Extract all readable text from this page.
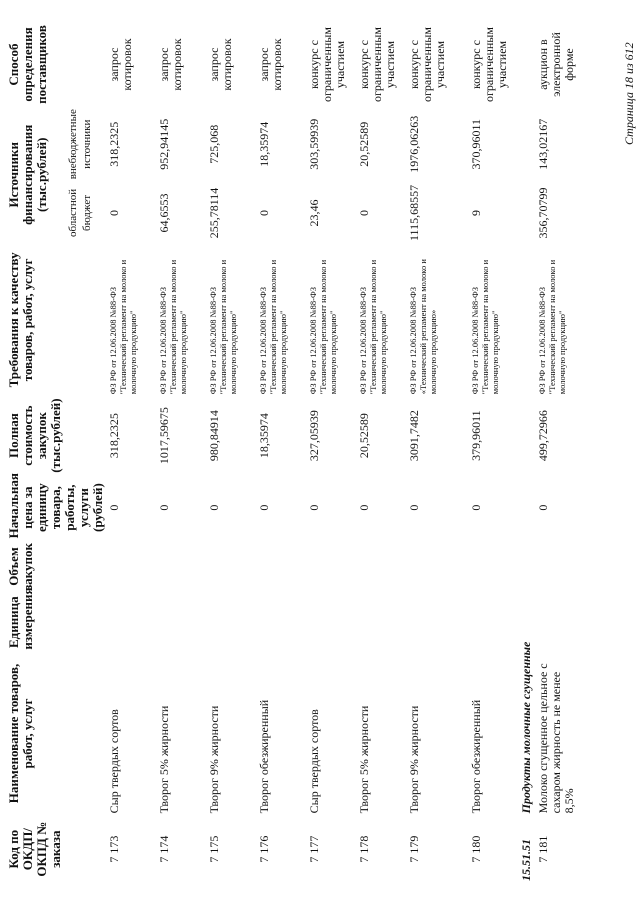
Код по ОКДП/ ОКПД № заказа	Наименование товаров, работ, услуг	Единица измерения	Объем закупок	Начальная цена за единицу товара, работы, услуги (рублей)	Полная стоимость закупок (тыс.рублей)	Требования к качеству товаров, работ, услуг	Источники финансирования (тыс.рублей)		Способ определения поставщиков
							областной бюджет	внебюджетные источники	
7 173	Сыр твердых сортов			0	318,2325	ФЗ РФ от 12.06.2008 №88-ФЗ "Технический регламент на молоко и молочную продукцию"	0	318,2325	запрос котировок
7 174	Творог 5% жирности			0	1017,59675	ФЗ РФ от 12.06.2008 №88-ФЗ "Технический регламент на молоко и молочную продукцию"	64,6553	952,94145	запрос котировок
7 175	Творог 9% жирности			0	980,84914	ФЗ РФ от 12.06.2008 №88-ФЗ "Технический регламент на молоко и молочную продукцию"	255,78114	725,068	запрос котировок
7 176	Творог обезжиренный			0	18,35974	ФЗ РФ от 12.06.2008 №88-ФЗ "Технический регламент на молоко и молочную продукцию"	0	18,35974	запрос котировок
7 177	Сыр твердых сортов			0	327,05939	ФЗ РФ от 12.06.2008 №88-ФЗ "Технический регламент на молоко и молочную продукцию"	23,46	303,59939	конкурс с ограниченным участием
7 178	Творог 5% жирности			0	20,52589	ФЗ РФ от 12.06.2008 №88-ФЗ "Технический регламент на молоко и молочную продукцию"	0	20,52589	конкурс с ограниченным участием
7 179	Творог 9% жирности			0	3091,7482	ФЗ РФ от 12.06.2008 №88-ФЗ «Технический регламент на молоко и молочную продукцию»	1115,68557	1976,06263	конкурс с ограниченным участием
7 180	Творог обезжиренный			0	379,96011	ФЗ РФ от 12.06.2008 №88-ФЗ "Технический регламент на молоко и молочную продукцию"	9	370,96011	конкурс с ограниченным участием
15.51.51	Продукты молочные сгущенные								
7 181	Молоко сгущенное цельное с сахаром жирность не менее 8,5%			0	499,72966	ФЗ РФ от 12.06.2008 №88-ФЗ "Технический регламент на молоко и молочную продукцию"	356,70799	143,02167	аукцион в электронной форме	Страница 18 из 612
